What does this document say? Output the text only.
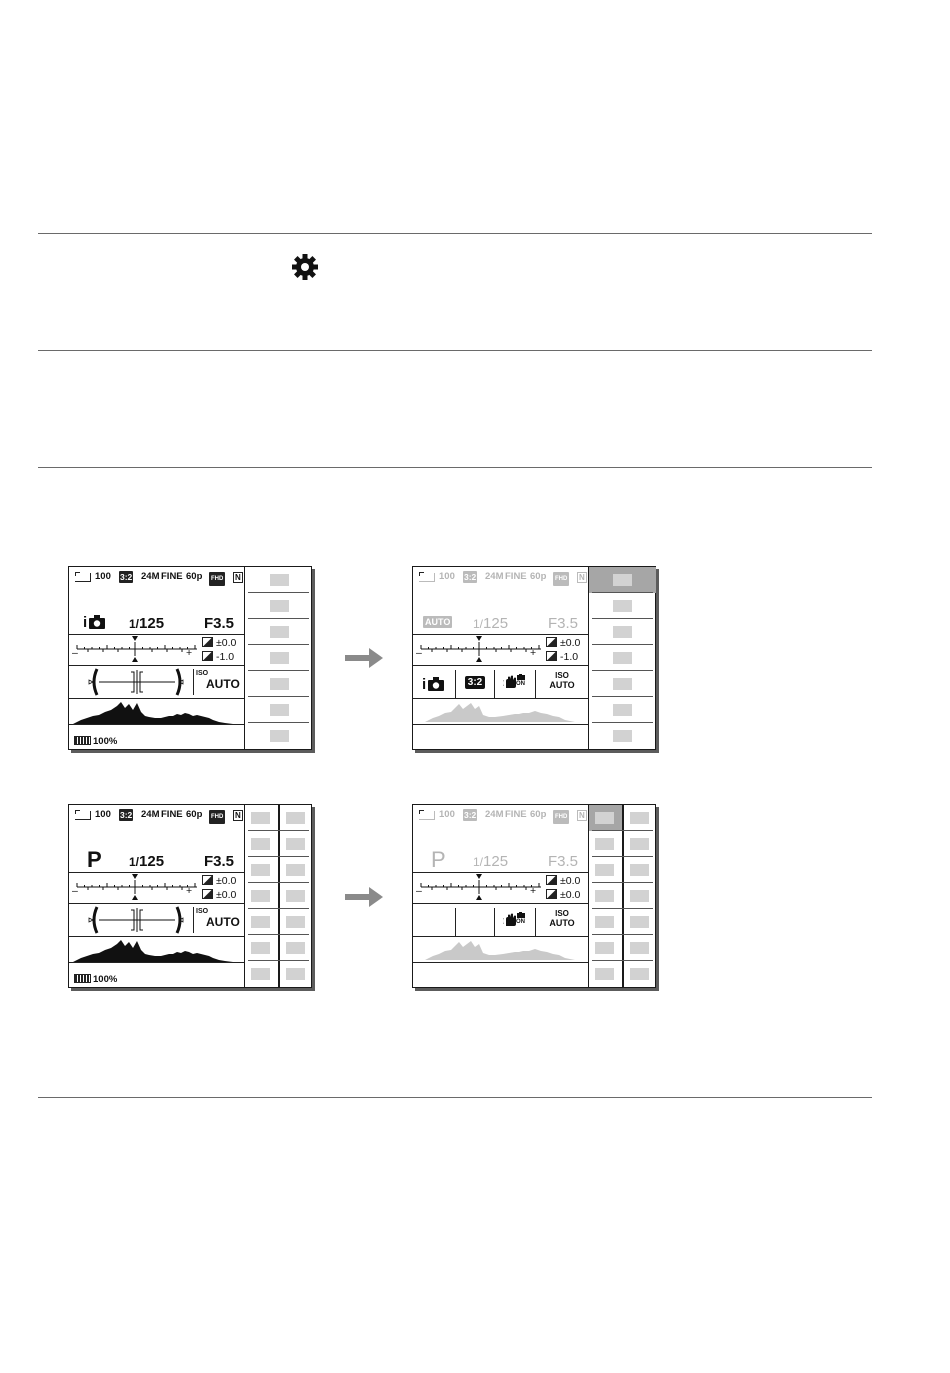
100 3:2 24M FINE 60p	FHD N
i	1/125	F3.5
–	+
±0.0
-1.0
ISO
AUTO
100%
100 3:2 24M FINE 60p	FHD N
AUTO 1/125	F3.5
–	+
±0.0
-1.0
i	3:2	ON
ISO
AUTO
100 3:2 24M FINE 60p	FHD N
P 1/125	F3.5
–	+
±0.0
±0.0
ISO
AUTO
100%
100 3:2 24M FINE 60p	FHD N
P 1/125	F3.5
–	+
±0.0
±0.0
ON
ISO
AUTO
